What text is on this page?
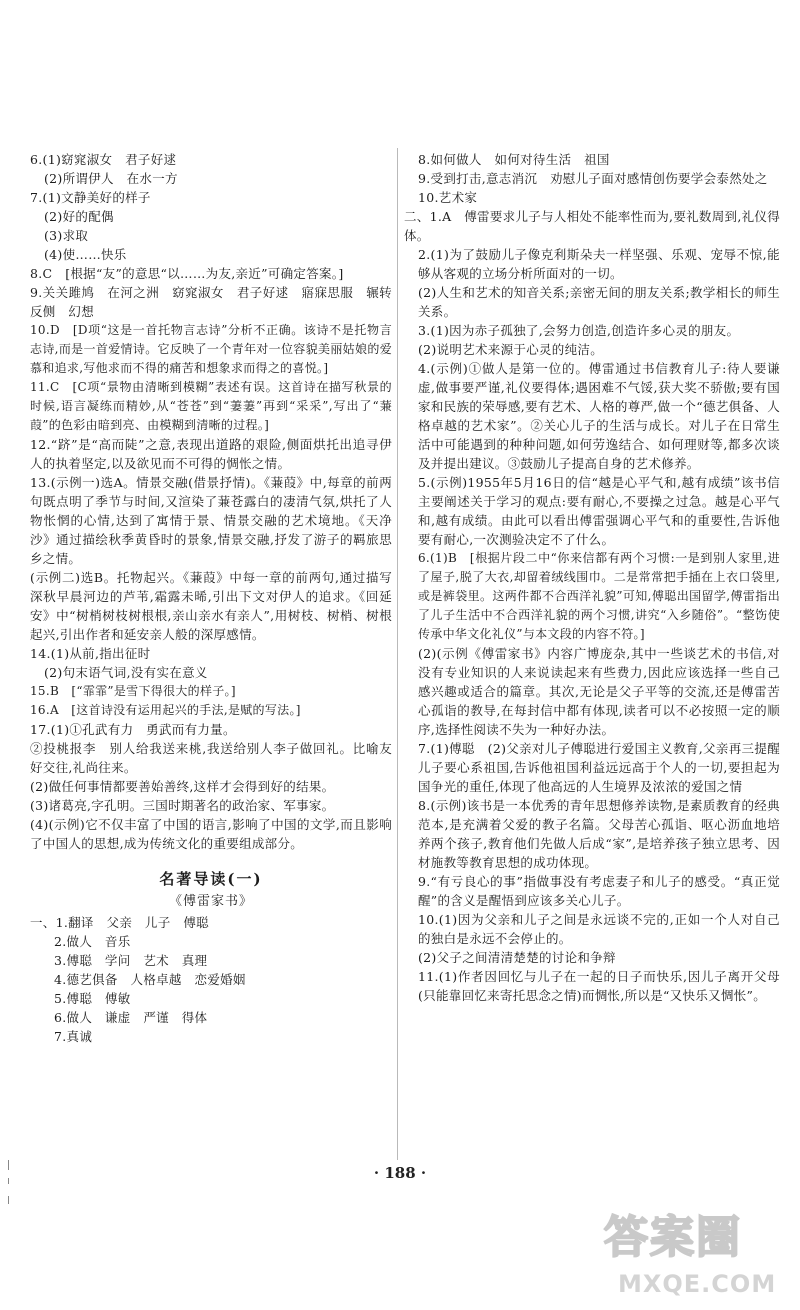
6.(1)窈窕淑女　君子好逑

(2)所谓伊人　在水一方

7.(1)文静美好的样子

(2)好的配偶

(3)求取

(4)使……快乐

8.C　[根据“友”的意思“以……为友,亲近”可确定答案。]

9.关关雎鸠　在河之洲　窈窕淑女　君子好逑　寤寐思服　辗转反侧　幻想

10.D　[D项“这是一首托物言志诗”分析不正确。该诗不是托物言志诗,而是一首爱情诗。它反映了一个青年对一位容貌美丽姑娘的爱慕和追求,写他求而不得的痛苦和想象求而得之的喜悦。]

11.C　[C项“景物由清晰到模糊”表述有误。这首诗在描写秋景的时候,语言凝练而精妙,从“苍苍”到“萋萋”再到“采采”,写出了“蒹葭”的色彩由暗到亮、由模糊到清晰的过程。]

12.“跻”是“高而陡”之意,表现出道路的艰险,侧面烘托出追寻伊人的执着坚定,以及欲见而不可得的惆怅之情。

13.(示例一)选A。情景交融(借景抒情)。《蒹葭》中,每章的前两句既点明了季节与时间,又渲染了蒹苍露白的凄清气氛,烘托了人物怅惘的心情,达到了寓情于景、情景交融的艺术境地。《天净沙》通过描绘秋季黄昏时的景象,情景交融,抒发了游子的羁旅思乡之情。

(示例二)选B。托物起兴。《蒹葭》中每一章的前两句,通过描写深秋早晨河边的芦苇,霜露未晞,引出下文对伊人的追求。《回延安》中“树梢树枝树根根,亲山亲水有亲人”,用树枝、树梢、树根起兴,引出作者和延安亲人般的深厚感情。

14.(1)从前,指出征时

(2)句末语气词,没有实在意义

15.B　[“霏霏”是雪下得很大的样子。]

16.A　[这首诗没有运用起兴的手法,是赋的写法。]

17.(1)①孔武有力　勇武而有力量。

②投桃报李　别人给我送来桃,我送给别人李子做回礼。比喻友好交往,礼尚往来。

(2)做任何事情都要善始善终,这样才会得到好的结果。

(3)诸葛亮,字孔明。三国时期著名的政治家、军事家。

(4)(示例)它不仅丰富了中国的语言,影响了中国的文学,而且影响了中国人的思想,成为传统文化的重要组成部分。

名著导读(一)

《傅雷家书》

一、1.翻译　父亲　儿子　傅聪

2.做人　音乐

3.傅聪　学问　艺术　真理

4.德艺俱备　人格卓越　恋爱婚姻

5.傅聪　傅敏

6.做人　谦虚　严谨　得体

7.真诚

8.如何做人　如何对待生活　祖国

9.受到打击,意志消沉　劝慰儿子面对感情创伤要学会泰然处之

10.艺术家

二、1.A　傅雷要求儿子与人相处不能率性而为,要礼数周到,礼仪得体。

2.(1)为了鼓励儿子像克利斯朵夫一样坚强、乐观、宠辱不惊,能够从客观的立场分析所面对的一切。

(2)人生和艺术的知音关系;亲密无间的朋友关系;教学相长的师生关系。

3.(1)因为赤子孤独了,会努力创造,创造许多心灵的朋友。

(2)说明艺术来源于心灵的纯洁。

4.(示例)①做人是第一位的。傅雷通过书信教育儿子:待人要谦虚,做事要严谨,礼仪要得体;遇困难不气馁,获大奖不骄傲;要有国家和民族的荣辱感,要有艺术、人格的尊严,做一个“德艺俱备、人格卓越的艺术家”。②关心儿子的生活与成长。对儿子在日常生活中可能遇到的种种问题,如何劳逸结合、如何理财等,都多次谈及并提出建议。③鼓励儿子提高自身的艺术修养。

5.(示例)1955年5月16日的信“越是心平气和,越有成绩”该书信主要阐述关于学习的观点:要有耐心,不要操之过急。越是心平气和,越有成绩。由此可以看出傅雷强调心平气和的重要性,告诉他要有耐心,一次测验决定不了什么。

6.(1)B　[根据片段二中“你来信都有两个习惯:一是到别人家里,进了屋子,脱了大衣,却留着绒线围巾。二是常常把手插在上衣口袋里,或是裤袋里。这两件都不合西洋礼貌”可知,傅聪出国留学,傅雷指出了儿子生活中不合西洋礼貌的两个习惯,讲究“入乡随俗”。“整饬使传承中华文化礼仪”与本文段的内容不符。]

(2)(示例《傅雷家书》内容广博庞杂,其中一些谈艺术的书信,对没有专业知识的人来说读起来有些费力,因此应该选择一些自己感兴趣或适合的篇章。其次,无论是父子平等的交流,还是傅雷苦心孤诣的教导,在每封信中都有体现,读者可以不必按照一定的顺序,选择性阅读不失为一种好办法。

7.(1)傅聪　(2)父亲对儿子傅聪进行爱国主义教育,父亲再三提醒儿子要心系祖国,告诉他祖国利益远远高于个人的一切,要担起为国争光的重任,体现了他高远的人生境界及浓浓的爱国之情

8.(示例)该书是一本优秀的青年思想修养读物,是素质教育的经典范本,是充满着父爱的教子名篇。父母苦心孤诣、呕心沥血地培养两个孩子,教育他们先做人后成“家”,是培养孩子独立思考、因材施教等教育思想的成功体现。

9.“有亏良心的事”指做事没有考虑妻子和儿子的感受。“真正觉醒”的含义是醒悟到应该多关心儿子。

10.(1)因为父亲和儿子之间是永远谈不完的,正如一个人对自己的独白是永远不会停止的。

(2)父子之间清清楚楚的讨论和争辩

11.(1)作者因回忆与儿子在一起的日子而快乐,因儿子离开父母(只能靠回忆来寄托思念之情)而惆怅,所以是“又快乐又惆怅”。

· 188 ·
答案圈
MXQE.COM
